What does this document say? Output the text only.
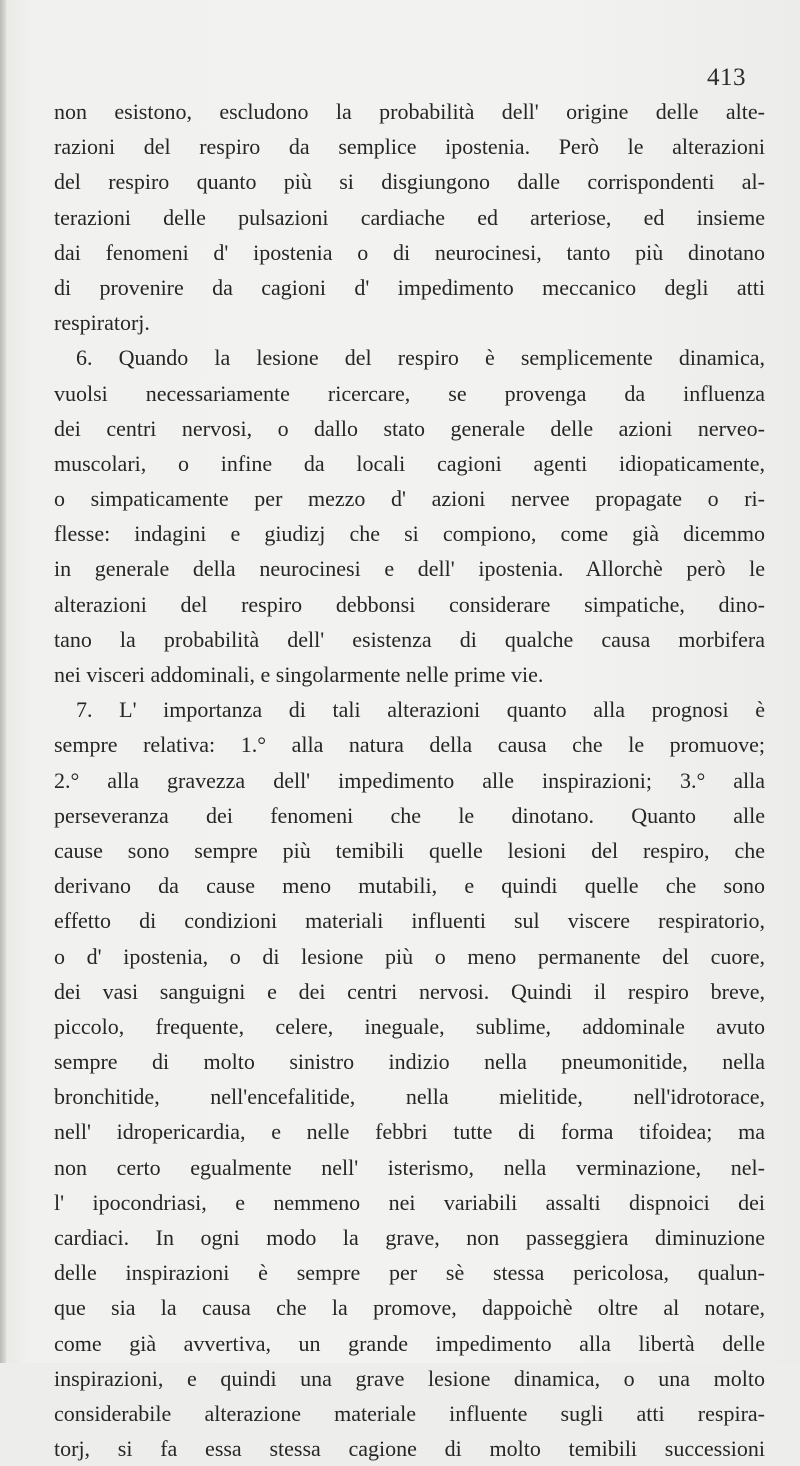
413

non esistono, escludono la probabilità dell' origine delle alte-
razioni del respiro da semplice ipostenia. Però le alterazioni
del respiro quanto più si disgiungono dalle corrispondenti al-
terazioni delle pulsazioni cardiache ed arteriose, ed insieme
dai fenomeni d' ipostenia o di neurocinesi, tanto più dinotano
di provenire da cagioni d' impedimento meccanico degli atti
respiratorj.
6. Quando la lesione del respiro è semplicemente dinamica,
vuolsi necessariamente ricercare, se provenga da influenza
dei centri nervosi, o dallo stato generale delle azioni nerveo-
muscolari, o infine da locali cagioni agenti idiopaticamente,
o simpaticamente per mezzo d' azioni nervee propagate o ri-
flesse: indagini e giudizj che si compiono, come già dicemmo
in generale della neurocinesi e dell' ipostenia. Allorchè però le
alterazioni del respiro debbonsi considerare simpatiche, dino-
tano la probabilità dell' esistenza di qualche causa morbifera
nei visceri addominali, e singolarmente nelle prime vie.
7. L' importanza di tali alterazioni quanto alla prognosi è
sempre relativa: 1.° alla natura della causa che le promuove;
2.° alla gravezza dell' impedimento alle inspirazioni; 3.° alla
perseveranza dei fenomeni che le dinotano. Quanto alle
cause sono sempre più temibili quelle lesioni del respiro, che
derivano da cause meno mutabili, e quindi quelle che sono
effetto di condizioni materiali influenti sul viscere respiratorio,
o d' ipostenia, o di lesione più o meno permanente del cuore,
dei vasi sanguigni e dei centri nervosi. Quindi il respiro breve,
piccolo, frequente, celere, ineguale, sublime, addominale avuto
sempre di molto sinistro indizio nella pneumonitide, nella
bronchitide, nell'encefalitide, nella mielitide, nell'idrotorace,
nell' idropericardia, e nelle febbri tutte di forma tifoidea; ma
non certo egualmente nell' isterismo, nella verminazione, nel-
l' ipocondriasi, e nemmeno nei variabili assalti dispnoici dei
cardiaci. In ogni modo la grave, non passeggiera diminuzione
delle inspirazioni è sempre per sè stessa pericolosa, qualun-
que sia la causa che la promove, dappoichè oltre al notare,
come già avvertiva, un grande impedimento alla libertà delle
inspirazioni, e quindi una grave lesione dinamica, o una molto
considerabile alterazione materiale influente sugli atti respira-
torj, si fa essa stessa cagione di molto temibili successioni
